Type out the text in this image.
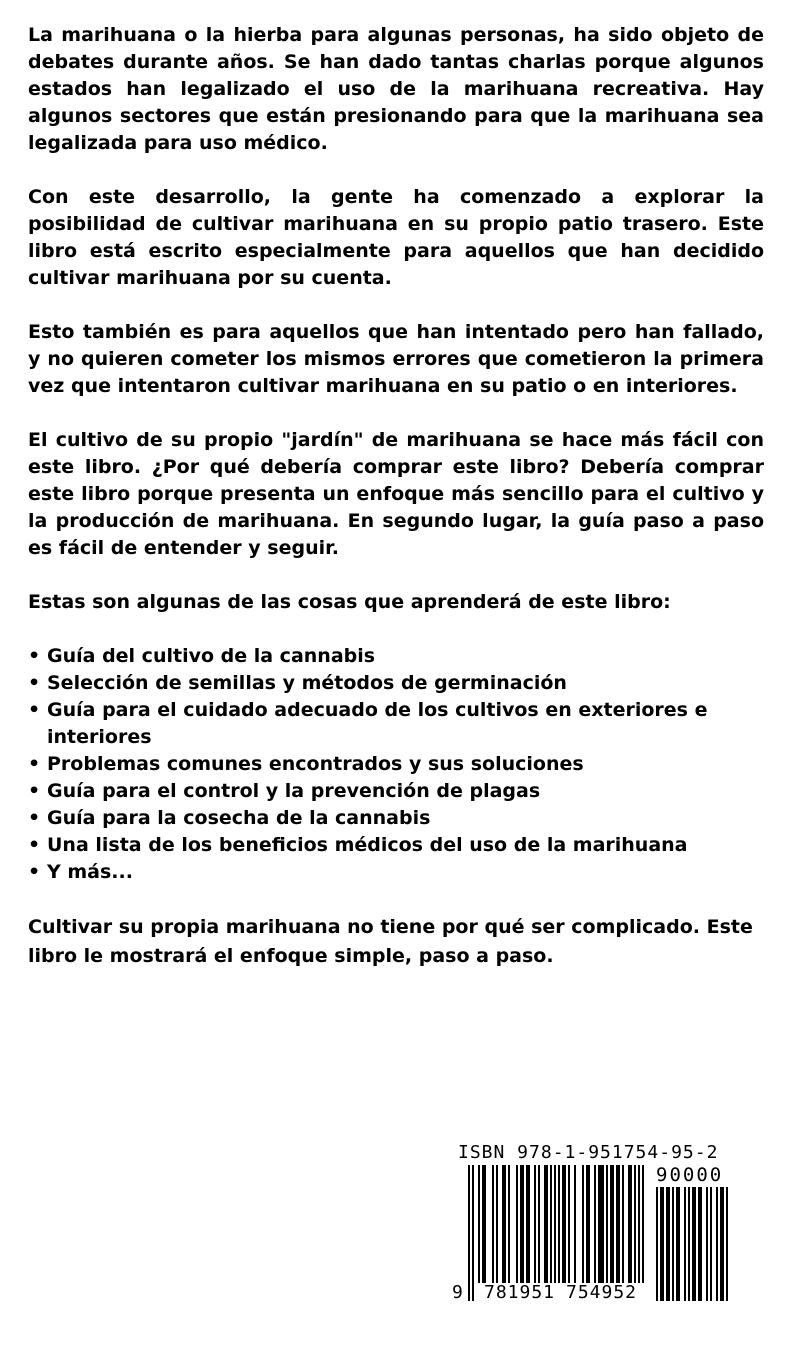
La marihuana o la hierba para algunas personas, ha sido objeto de debates durante años. Se han dado tantas charlas porque algunos estados han legalizado el uso de la marihuana recreativa. Hay algunos sectores que están presionando para que la marihuana sea legalizada para uso médico.

Con este desarrollo, la gente ha comenzado a explorar la posibilidad de cultivar marihuana en su propio patio trasero. Este libro está escrito especialmente para aquellos que han decidido cultivar marihuana por su cuenta.

Esto también es para aquellos que han intentado pero han fallado, y no quieren cometer los mismos errores que cometieron la primera vez que intentaron cultivar marihuana en su patio o en interiores.

El cultivo de su propio "jardín" de marihuana se hace más fácil con este libro. ¿Por qué debería comprar este libro? Debería comprar este libro porque presenta un enfoque más sencillo para el cultivo y la producción de marihuana. En segundo lugar, la guía paso a paso es fácil de entender y seguir.

Estas son algunas de las cosas que aprenderá de este libro:

• Guía del cultivo de la cannabis
• Selección de semillas y métodos de germinación
• Guía para el cuidado adecuado de los cultivos en exteriores e interiores
• Problemas comunes encontrados y sus soluciones
• Guía para el control y la prevención de plagas
• Guía para la cosecha de la cannabis
• Una lista de los beneficios médicos del uso de la marihuana
• Y más...

Cultivar su propia marihuana no tiene por qué ser complicado. Este libro le mostrará el enfoque simple, paso a paso.

ISBN 978-1-951754-95-2
90000
9 781951 754952
